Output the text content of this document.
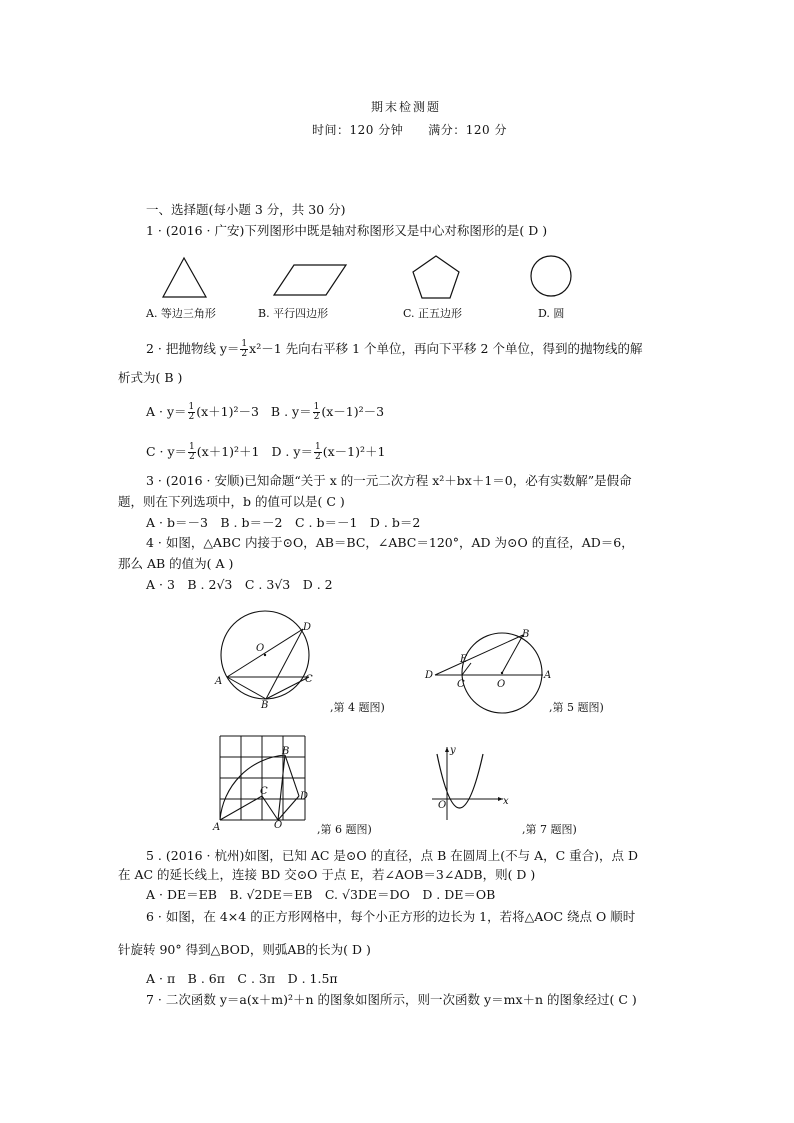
期末检测题
时间：120 分钟　　满分：120 分
一、选择题(每小题 3 分，共 30 分)
1 · (2016 · 广安)下列图形中既是轴对称图形又是中心对称图形的是( D )
A. 等边三角形	B. 平行四边形	C. 正五边形	D. 圆
2 · 把抛物线 $y= \frac{1}{2} x^2-1$ 先向右平移 1 个单位，再向下平移 2 个单位，得到的抛物线的解
析式为( B )
$A \cdot y= \frac{1}{2} (x+1)^2-3$ B . $y= \frac{1}{2} (x-1)^2-3$
$C \cdot y= \frac{1}{2} (x+1)^2+1$ D . $y= \frac{1}{2} (x-1)^2+1$
3 · (2016 · 安顺)已知命题“关于 x 的一元二次方程 x²＋bx＋1＝0，必有实数解”是假命
题，则在下列选项中，b 的值可以是( C )
A · b＝－3　B . b＝－2　C . b＝－1　D . b＝2
4 · 如图，△ABC 内接于⊙O，AB＝BC，∠ABC＝120°，AD 为⊙O 的直径，AD＝6，
那么 AB 的值为( A )
A · 3　B . 2√3　C . 3√3　D . 2
O
D
A	C
B	,第 4 题图)
B
E
D
C	O
A
,第 5 题图)
B
C	D
A	O	,第 6 题图)
y
O	x
,第 7 题图)
5 . (2016 · 杭州)如图，已知 AC 是⊙O 的直径，点 B 在圆周上(不与 A，C 重合)，点 D
在 AC 的延长线上，连接 BD 交⊙O 于点 E，若∠AOB＝3∠ADB，则( D )
A · DE＝EB　B. √2DE＝EB　C. √3DE＝DO　D . DE＝OB
6 · 如图，在 4×4 的正方形网格中，每个小正方形的边长为 1，若将△AOC 绕点 O 顺时
针旋转 90° 得到△BOD，则弧AB的长为( D )
A · π　B . 6π　C . 3π　D . 1.5π
7 · 二次函数 y＝a(x＋m)²＋n 的图象如图所示，则一次函数 y＝mx＋n 的图象经过( C )
